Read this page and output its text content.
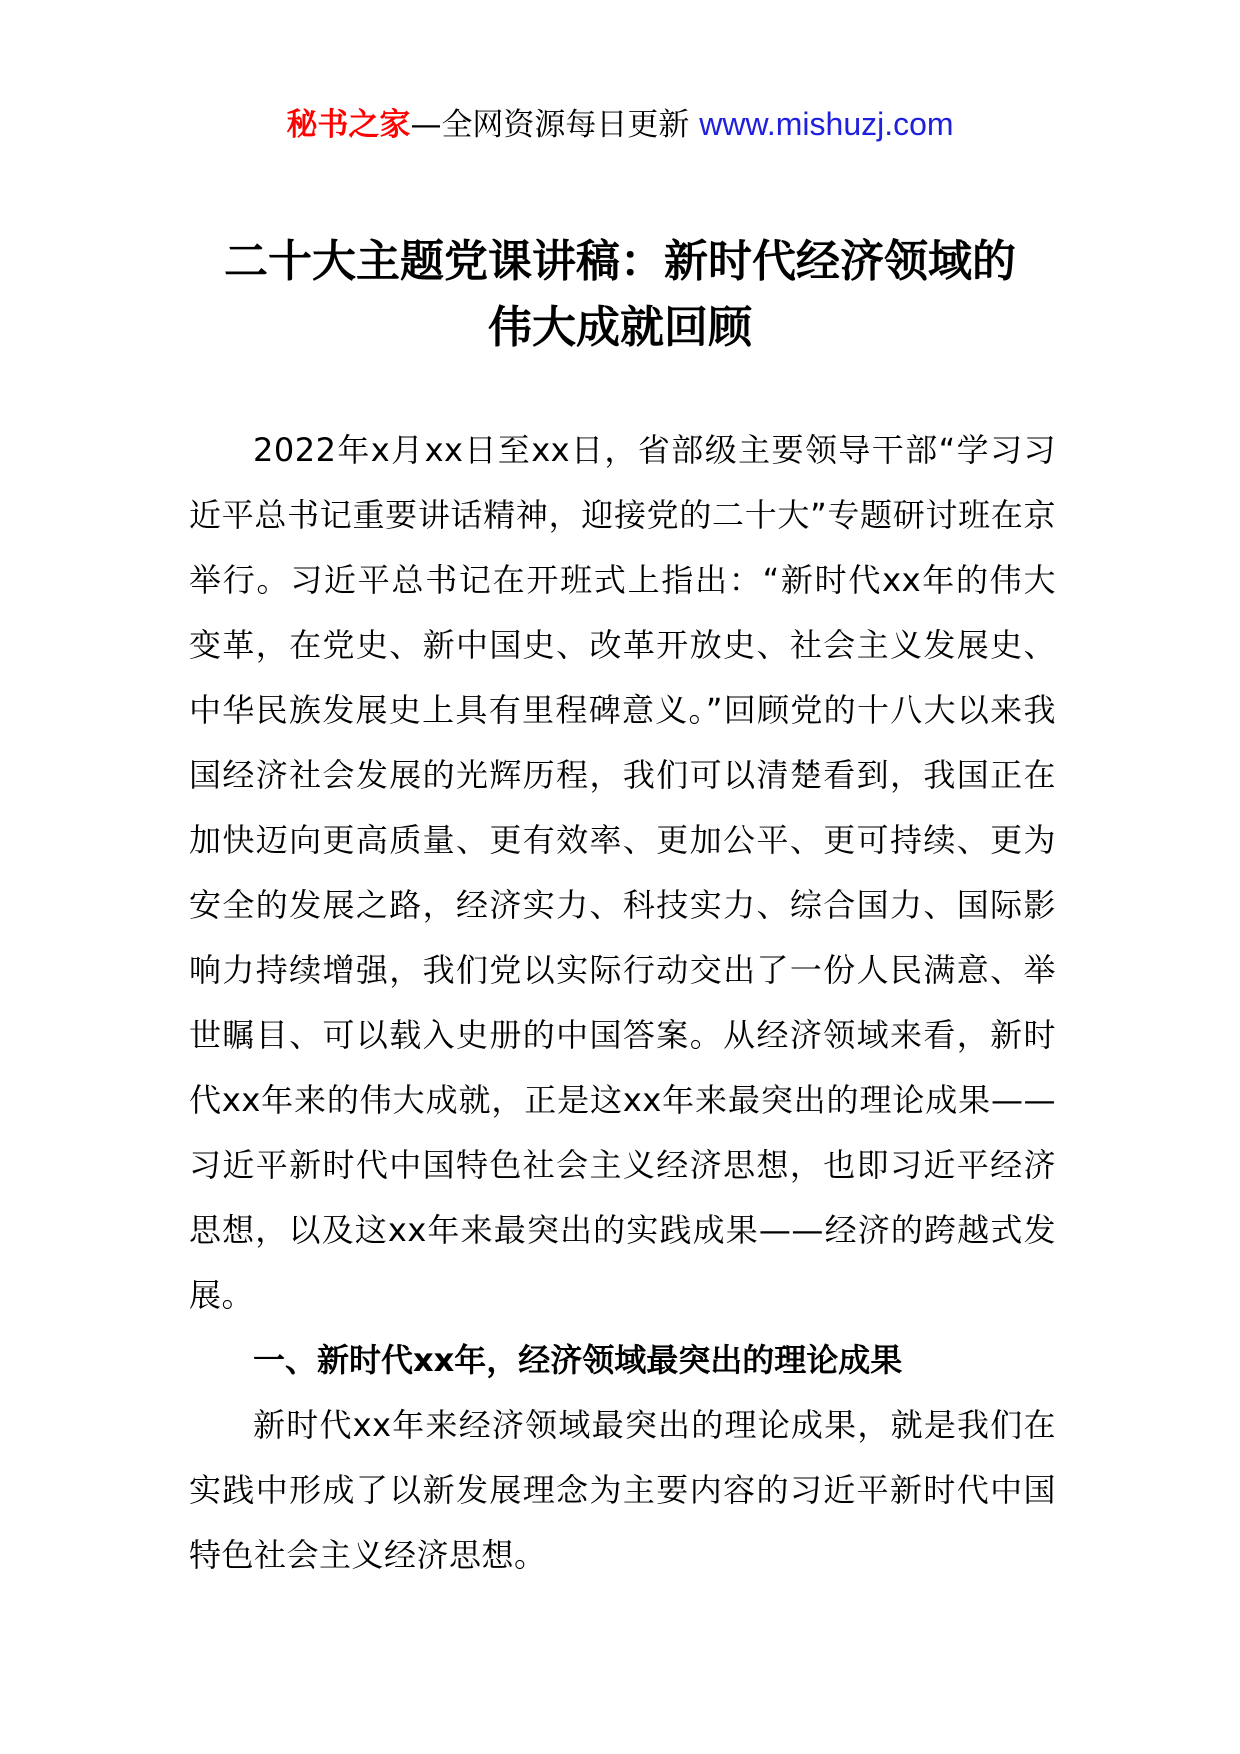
秘书之家—全网资源每日更新 www.mishuzj.com
二十大主题党课讲稿：新时代经济领域的
伟大成就回顾

2022年x月xx日至xx日，省部级主要领导干部“学习习近平总书记重要讲话精神，迎接党的二十大”专题研讨班在京举行。习近平总书记在开班式上指出：“新时代xx年的伟大变革，在党史、新中国史、改革开放史、社会主义发展史、中华民族发展史上具有里程碑意义。”回顾党的十八大以来我国经济社会发展的光辉历程，我们可以清楚看到，我国正在加快迈向更高质量、更有效率、更加公平、更可持续、更为安全的发展之路，经济实力、科技实力、综合国力、国际影响力持续增强，我们党以实际行动交出了一份人民满意、举世瞩目、可以载入史册的中国答案。从经济领域来看，新时代xx年来的伟大成就，正是这xx年来最突出的理论成果——习近平新时代中国特色社会主义经济思想，也即习近平经济思想，以及这xx年来最突出的实践成果——经济的跨越式发展。

一、新时代xx年，经济领域最突出的理论成果

新时代xx年来经济领域最突出的理论成果，就是我们在实践中形成了以新发展理念为主要内容的习近平新时代中国特色社会主义经济思想。
